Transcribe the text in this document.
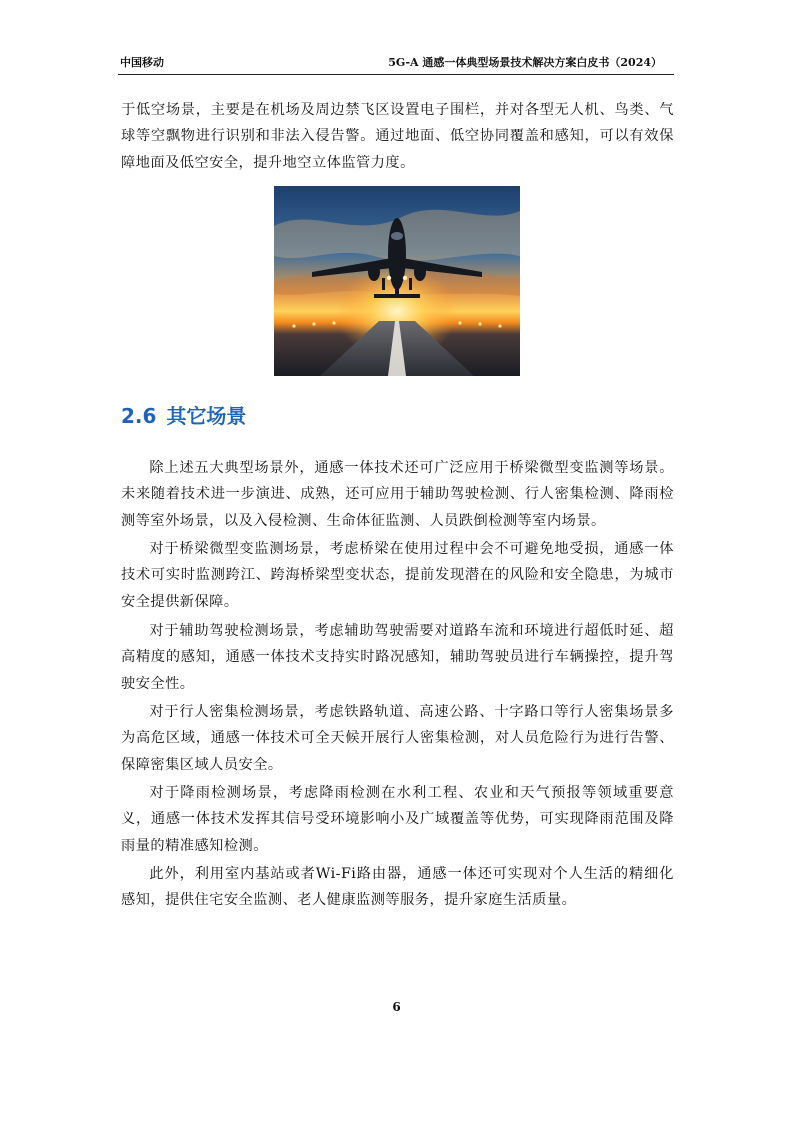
中国移动	5G-A 通感一体典型场景技术解决方案白皮书（2024）

于低空场景，主要是在机场及周边禁飞区设置电子围栏，并对各型无人机、鸟类、气球等空飘物进行识别和非法入侵告警。通过地面、低空协同覆盖和感知，可以有效保障地面及低空安全，提升地空立体监管力度。

2.6 其它场景

除上述五大典型场景外，通感一体技术还可广泛应用于桥梁微型变监测等场景。未来随着技术进一步演进、成熟，还可应用于辅助驾驶检测、行人密集检测、降雨检测等室外场景，以及入侵检测、生命体征监测、人员跌倒检测等室内场景。

对于桥梁微型变监测场景，考虑桥梁在使用过程中会不可避免地受损，通感一体技术可实时监测跨江、跨海桥梁型变状态，提前发现潜在的风险和安全隐患，为城市安全提供新保障。

对于辅助驾驶检测场景，考虑辅助驾驶需要对道路车流和环境进行超低时延、超高精度的感知，通感一体技术支持实时路况感知，辅助驾驶员进行车辆操控，提升驾驶安全性。

对于行人密集检测场景，考虑铁路轨道、高速公路、十字路口等行人密集场景多为高危区域，通感一体技术可全天候开展行人密集检测，对人员危险行为进行告警、保障密集区域人员安全。

对于降雨检测场景，考虑降雨检测在水利工程、农业和天气预报等领域重要意义，通感一体技术发挥其信号受环境影响小及广域覆盖等优势，可实现降雨范围及降雨量的精准感知检测。

此外，利用室内基站或者Wi-Fi路由器，通感一体还可实现对个人生活的精细化感知，提供住宅安全监测、老人健康监测等服务，提升家庭生活质量。

6
